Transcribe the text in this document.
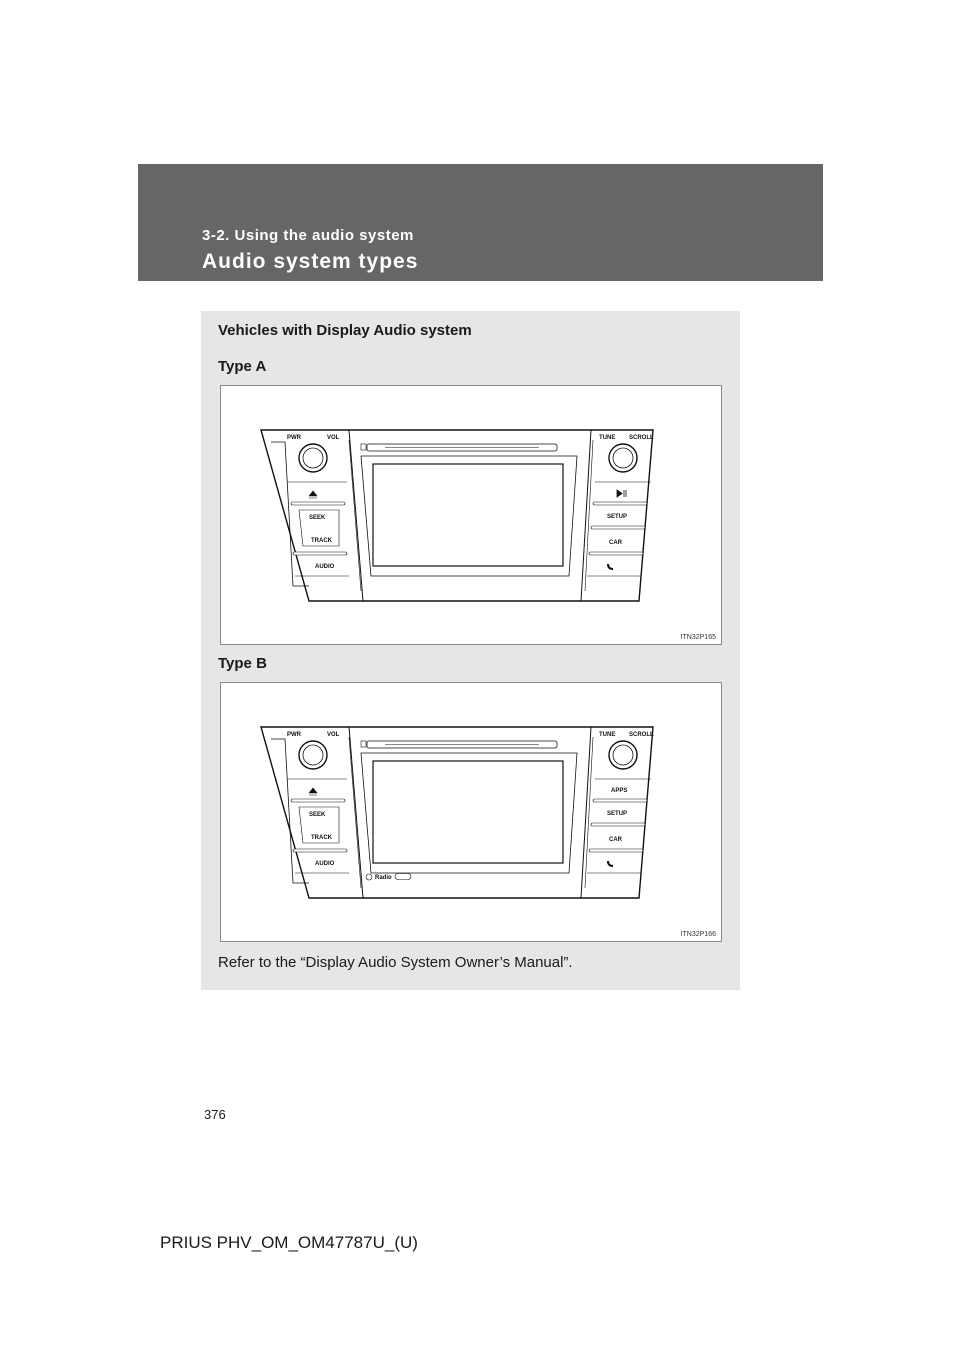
3-2. Using the audio system
Audio system types
Vehicles with Display Audio system
Type A
PWR	VOL	TUNE SCROLL
SEEK
TRACK
AUDIO
SETUP
CAR
ITN32P165
Type B
PWR	VOL	TUNE SCROLL
SEEK
TRACK
AUDIO
APPS
SETUP
CAR
Radio
ITN32P166
Refer to the “Display Audio System Owner’s Manual”.
376
PRIUS PHV_OM_OM47787U_(U)
